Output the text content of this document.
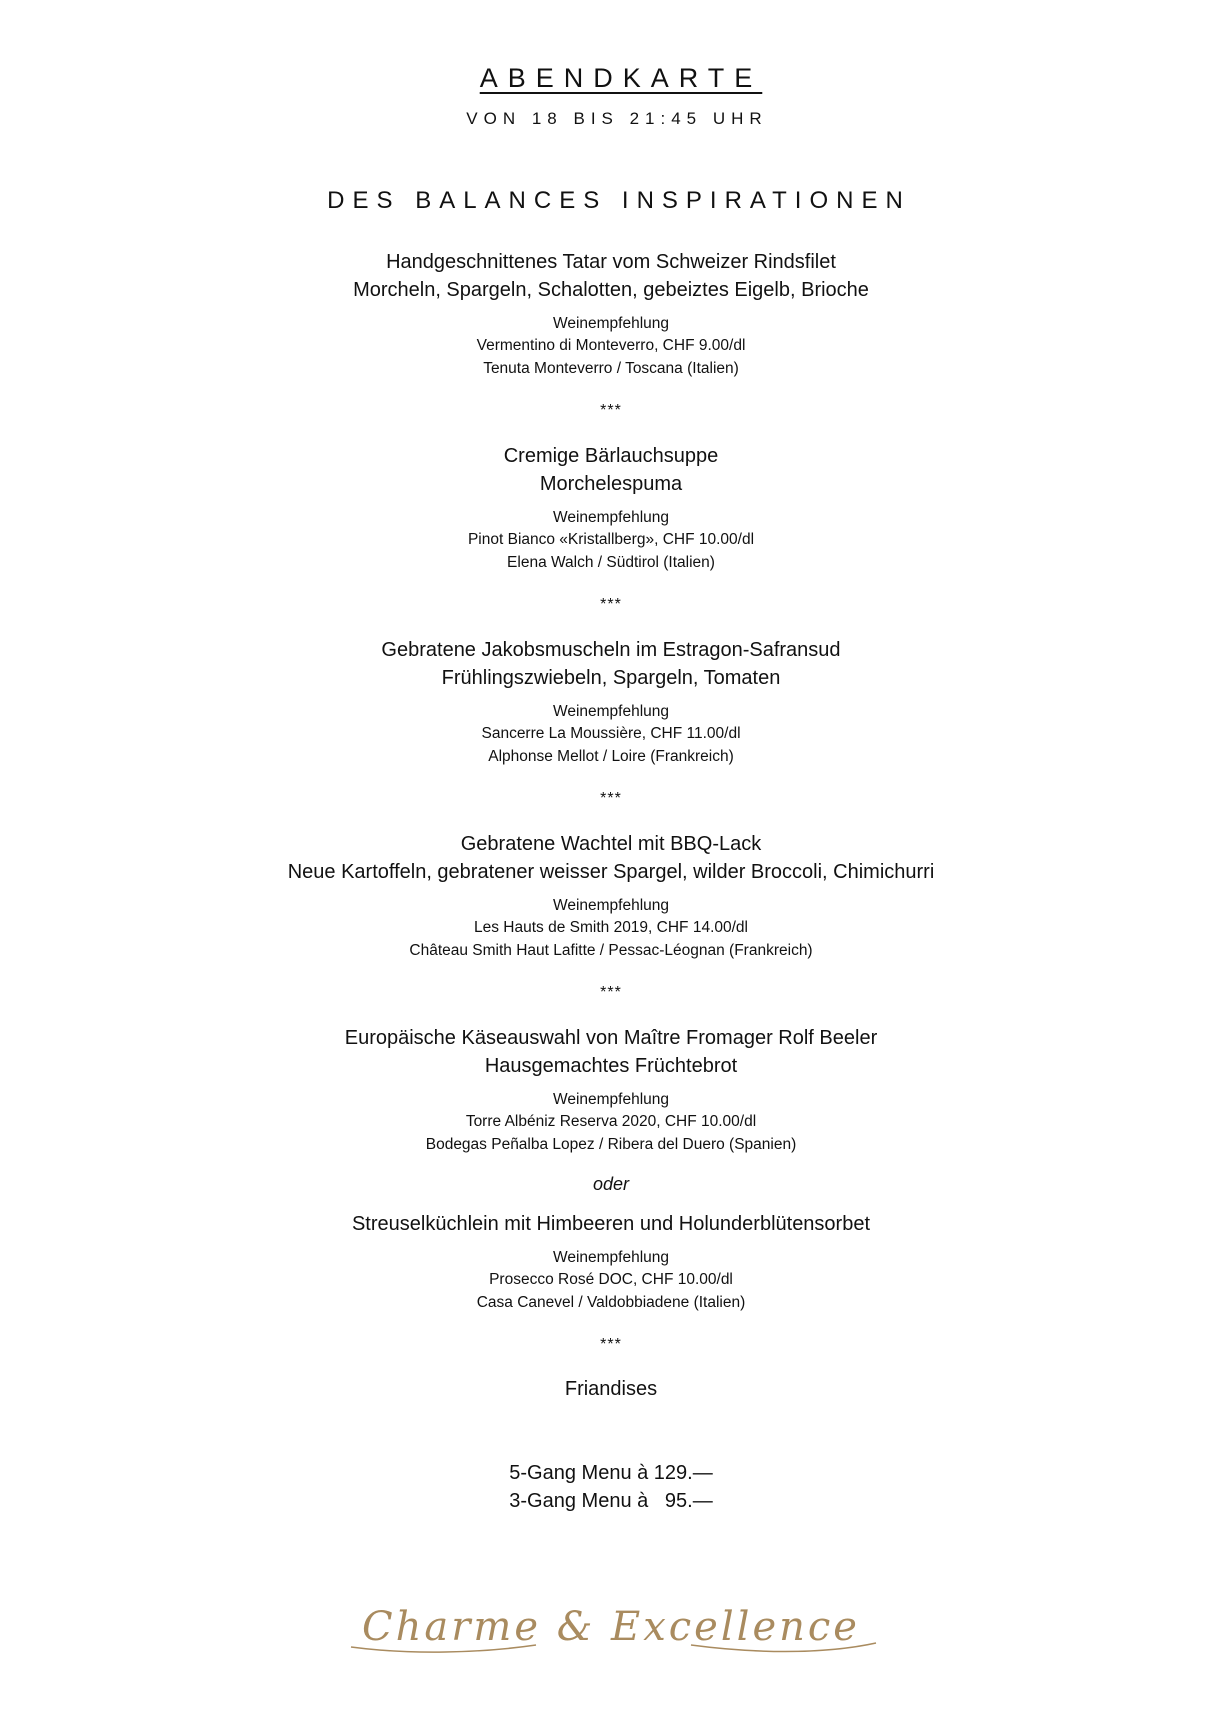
ABENDKARTE
VON 18 BIS 21:45 UHR
DES BALANCES INSPIRATIONEN
Handgeschnittenes Tatar vom Schweizer Rindsfilet
Morcheln, Spargeln, Schalotten, gebeiztes Eigelb, Brioche
Weinempfehlung
Vermentino di Monteverro, CHF 9.00/dl
Tenuta Monteverro / Toscana (Italien)
***
Cremige Bärlauchsuppe
Morchelespuma
Weinempfehlung
Pinot Bianco «Kristallberg», CHF 10.00/dl
Elena Walch / Südtirol (Italien)
***
Gebratene Jakobsmuscheln im Estragon-Safransud
Frühlingszwiebeln, Spargeln, Tomaten
Weinempfehlung
Sancerre La Moussière, CHF 11.00/dl
Alphonse Mellot / Loire (Frankreich)
***
Gebratene Wachtel mit BBQ-Lack
Neue Kartoffeln, gebratener weisser Spargel, wilder Broccoli, Chimichurri
Weinempfehlung
Les Hauts de Smith 2019, CHF 14.00/dl
Château Smith Haut Lafitte / Pessac-Léognan (Frankreich)
***
Europäische Käseauswahl von Maître Fromager Rolf Beeler
Hausgemachtes Früchtebrot
Weinempfehlung
Torre Albéniz Reserva 2020, CHF 10.00/dl
Bodegas Peñalba Lopez / Ribera del Duero (Spanien)
oder
Streuselküchlein mit Himbeeren und Holunderblütensorbet
Weinempfehlung
Prosecco Rosé DOC, CHF 10.00/dl
Casa Canevel / Valdobbiadene (Italien)
***
Friandises
5-Gang Menu à 129.—
3-Gang Menu à   95.—
Charme & Excellence
